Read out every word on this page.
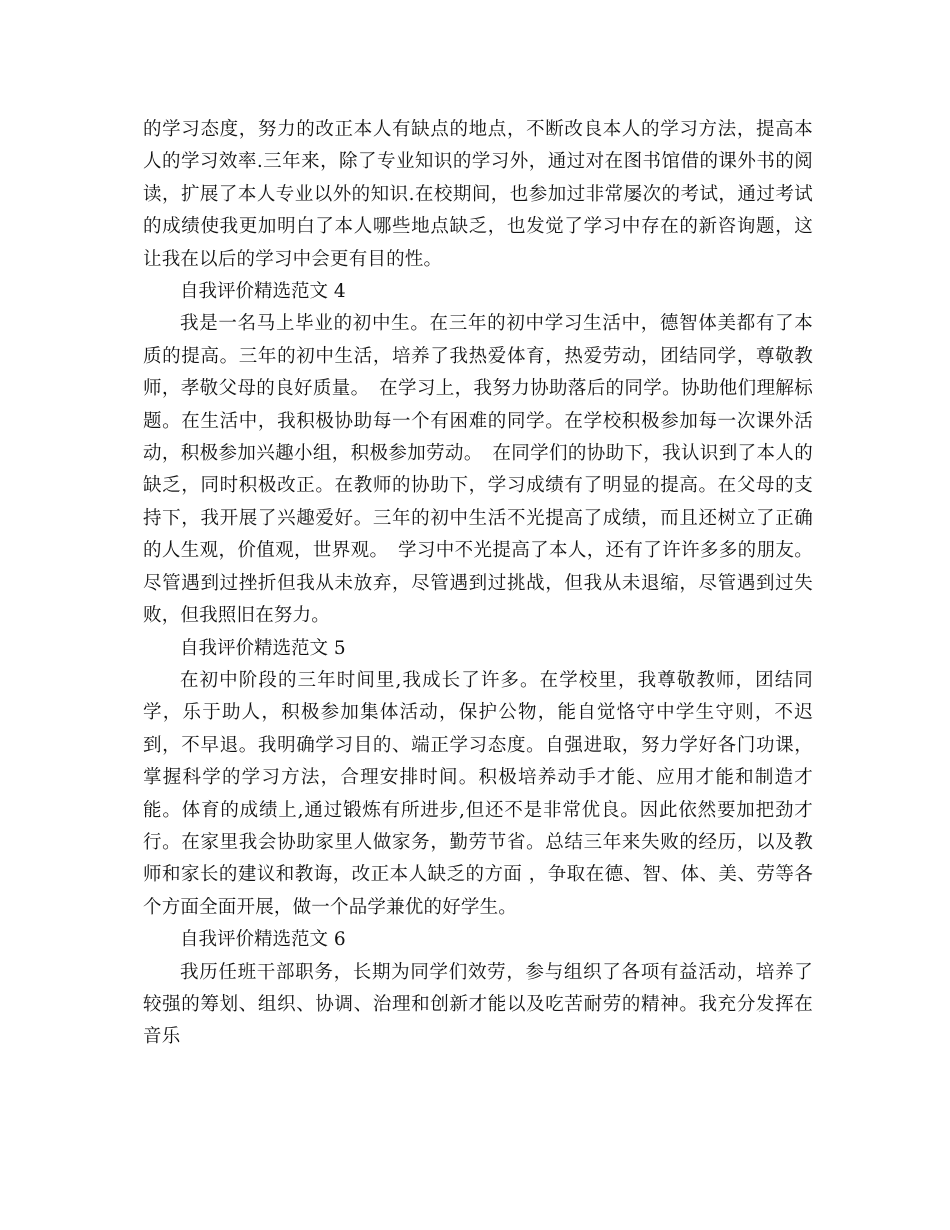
的学习态度，努力的改正本人有缺点的地点，不断改良本人的学习方法，提高本人的学习效率.三年来，除了专业知识的学习外，通过对在图书馆借的课外书的阅读，扩展了本人专业以外的知识.在校期间，也参加过非常屡次的考试，通过考试的成绩使我更加明白了本人哪些地点缺乏，也发觉了学习中存在的新咨询题，这让我在以后的学习中会更有目的性。

自我评价精选范文 4

我是一名马上毕业的初中生。在三年的初中学习生活中，德智体美都有了本质的提高。三年的初中生活，培养了我热爱体育，热爱劳动，团结同学，尊敬教师，孝敬父母的良好质量。　在学习上，我努力协助落后的同学。协助他们理解标题。在生活中，我积极协助每一个有困难的同学。在学校积极参加每一次课外活动，积极参加兴趣小组，积极参加劳动。　在同学们的协助下，我认识到了本人的缺乏，同时积极改正。在教师的协助下，学习成绩有了明显的提高。在父母的支持下，我开展了兴趣爱好。三年的初中生活不光提高了成绩，而且还树立了正确的人生观，价值观，世界观。　学习中不光提高了本人，还有了许许多多的朋友。尽管遇到过挫折但我从未放弃，尽管遇到过挑战，但我从未退缩，尽管遇到过失败，但我照旧在努力。

自我评价精选范文 5

在初中阶段的三年时间里,我成长了许多。在学校里，我尊敬教师，团结同学，乐于助人，积极参加集体活动，保护公物，能自觉恪守中学生守则，不迟到，不早退。我明确学习目的、端正学习态度。自强进取，努力学好各门功课，掌握科学的学习方法，合理安排时间。积极培养动手才能、应用才能和制造才能。体育的成绩上,通过锻炼有所进步,但还不是非常优良。因此依然要加把劲才行。在家里我会协助家里人做家务，勤劳节省。总结三年来失败的经历，以及教师和家长的建议和教诲，改正本人缺乏的方面 ，争取在德、智、体、美、劳等各个方面全面开展，做一个品学兼优的好学生。

自我评价精选范文 6

我历任班干部职务，长期为同学们效劳，参与组织了各项有益活动，培养了较强的筹划、组织、协调、治理和创新才能以及吃苦耐劳的精神。我充分发挥在音乐
